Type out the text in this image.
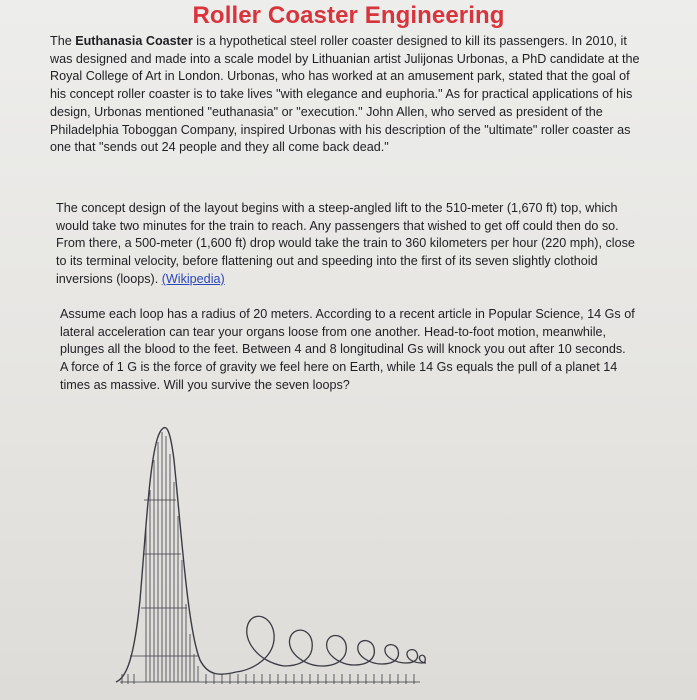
Roller Coaster Engineering

The Euthanasia Coaster is a hypothetical steel roller coaster designed to kill its passengers. In 2010, it was designed and made into a scale model by Lithuanian artist Julijonas Urbonas, a PhD candidate at the Royal College of Art in London. Urbonas, who has worked at an amusement park, stated that the goal of his concept roller coaster is to take lives "with elegance and euphoria." As for practical applications of his design, Urbonas mentioned "euthanasia" or "execution." John Allen, who served as president of the Philadelphia Toboggan Company, inspired Urbonas with his description of the "ultimate" roller coaster as one that "sends out 24 people and they all come back dead."

The concept design of the layout begins with a steep-angled lift to the 510-meter (1,670 ft) top, which would take two minutes for the train to reach. Any passengers that wished to get off could then do so. From there, a 500-meter (1,600 ft) drop would take the train to 360 kilometers per hour (220 mph), close to its terminal velocity, before flattening out and speeding into the first of its seven slightly clothoid inversions (loops). (Wikipedia)

Assume each loop has a radius of 20 meters. According to a recent article in Popular Science, 14 Gs of lateral acceleration can tear your organs loose from one another. Head-to-foot motion, meanwhile, plunges all the blood to the feet. Between 4 and 8 longitudinal Gs will knock you out after 10 seconds. A force of 1 G is the force of gravity we feel here on Earth, while 14 Gs equals the pull of a planet 14 times as massive. Will you survive the seven loops?
